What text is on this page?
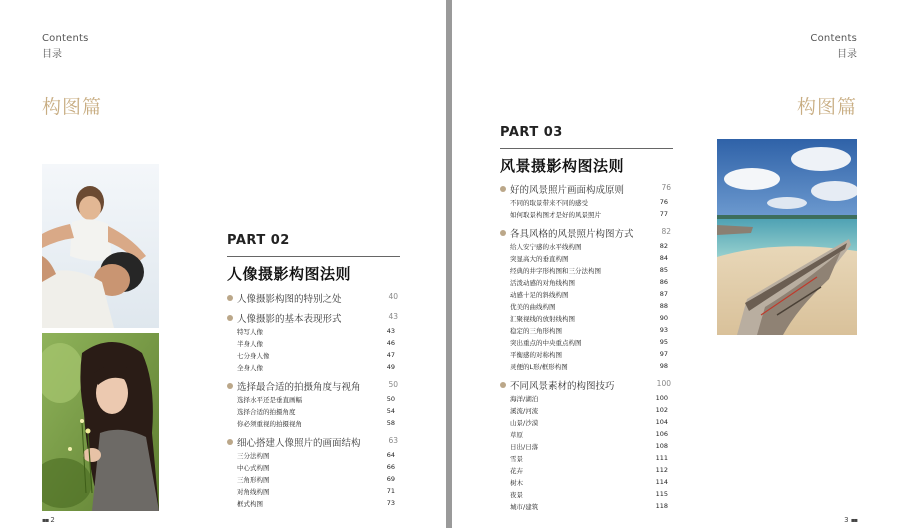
Contents
目录
构图篇
PART 02
人像摄影构图法则
人像摄影构图的特别之处	40
人像摄影的基本表现形式	43
特写人像	43
半身人像	46
七分身人像	47
全身人像	49
选择最合适的拍摄角度与视角	50
选择水平还是垂直画幅	50
选择合适的拍摄角度	54
你必须重视的拍摄视角	58
细心搭建人像照片的画面结构	63
三分法构图	64
中心式构图	66
三角形构图	69
对角线构图	71
框式构图	73
▪▪ 2
Contents
目录
构图篇
PART 03
风景摄影构图法则
好的风景照片画面构成原则	76
不同的取景带来不同的感受	76
如何取景构图才是好的风景照片	77
各具风格的风景照片构图方式	82
给人安宁感的水平线构图	82
突显高大的垂直构图	84
经典的井字形构图和三分法构图	85
活泼动感的对角线构图	86
动感十足的斜线构图	87
优美的曲线构图	88
汇聚视线的放射线构图	90
稳定的三角形构图	93
突出重点的中央重点构图	95
平衡感的对称构图	97
灵便的L形/框形构图	98
不同风景素材的构图技巧	100
海洋/湖泊	100
溪流/河流	102
山景/沙漠	104
草原	106
日出/日落	108
雪景	111
花卉	112
树木	114
夜景	115
城市/建筑	118
3 ▪▪
